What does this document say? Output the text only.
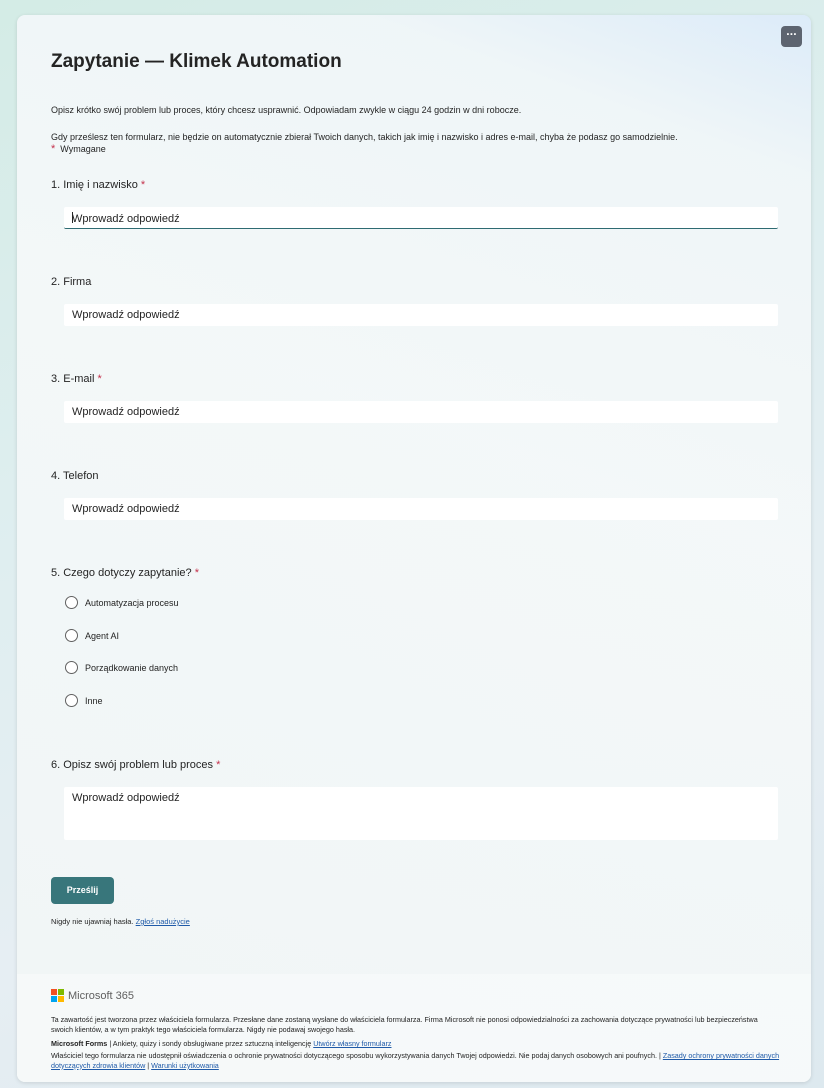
···
Zapytanie — Klimek Automation

Opisz krótko swój problem lub proces, który chcesz usprawnić. Odpowiadam zwykle w ciągu 24 godzin w dni robocze.

Gdy prześlesz ten formularz, nie będzie on automatycznie zbierał Twoich danych, takich jak imię i nazwisko i adres e-mail, chyba że podasz go samodzielnie.

* Wymagane
1. Imię i nazwisko *
Wprowadź odpowiedź
2. Firma
Wprowadź odpowiedź
3. E-mail *
Wprowadź odpowiedź
4. Telefon
Wprowadź odpowiedź
5. Czego dotyczy zapytanie? *
Automatyzacja procesu
Agent AI
Porządkowanie danych
Inne
6. Opisz swój problem lub proces *
Wprowadź odpowiedź
Prześlij
Nigdy nie ujawniaj hasła. Zgłoś nadużycie
Microsoft 365

Ta zawartość jest tworzona przez właściciela formularza. Przesłane dane zostaną wysłane do właściciela formularza. Firma Microsoft nie ponosi odpowiedzialności za zachowania dotyczące prywatności lub bezpieczeństwa swoich klientów, a w tym praktyk tego właściciela formularza. Nigdy nie podawaj swojego hasła.

Microsoft Forms | Ankiety, quizy i sondy obsługiwane przez sztuczną inteligencję Utwórz własny formularz

Właściciel tego formularza nie udostępnił oświadczenia o ochronie prywatności dotyczącego sposobu wykorzystywania danych Twojej odpowiedzi. Nie podaj danych osobowych ani poufnych. | Zasady ochrony prywatności danych dotyczących zdrowia klientów | Warunki użytkowania
